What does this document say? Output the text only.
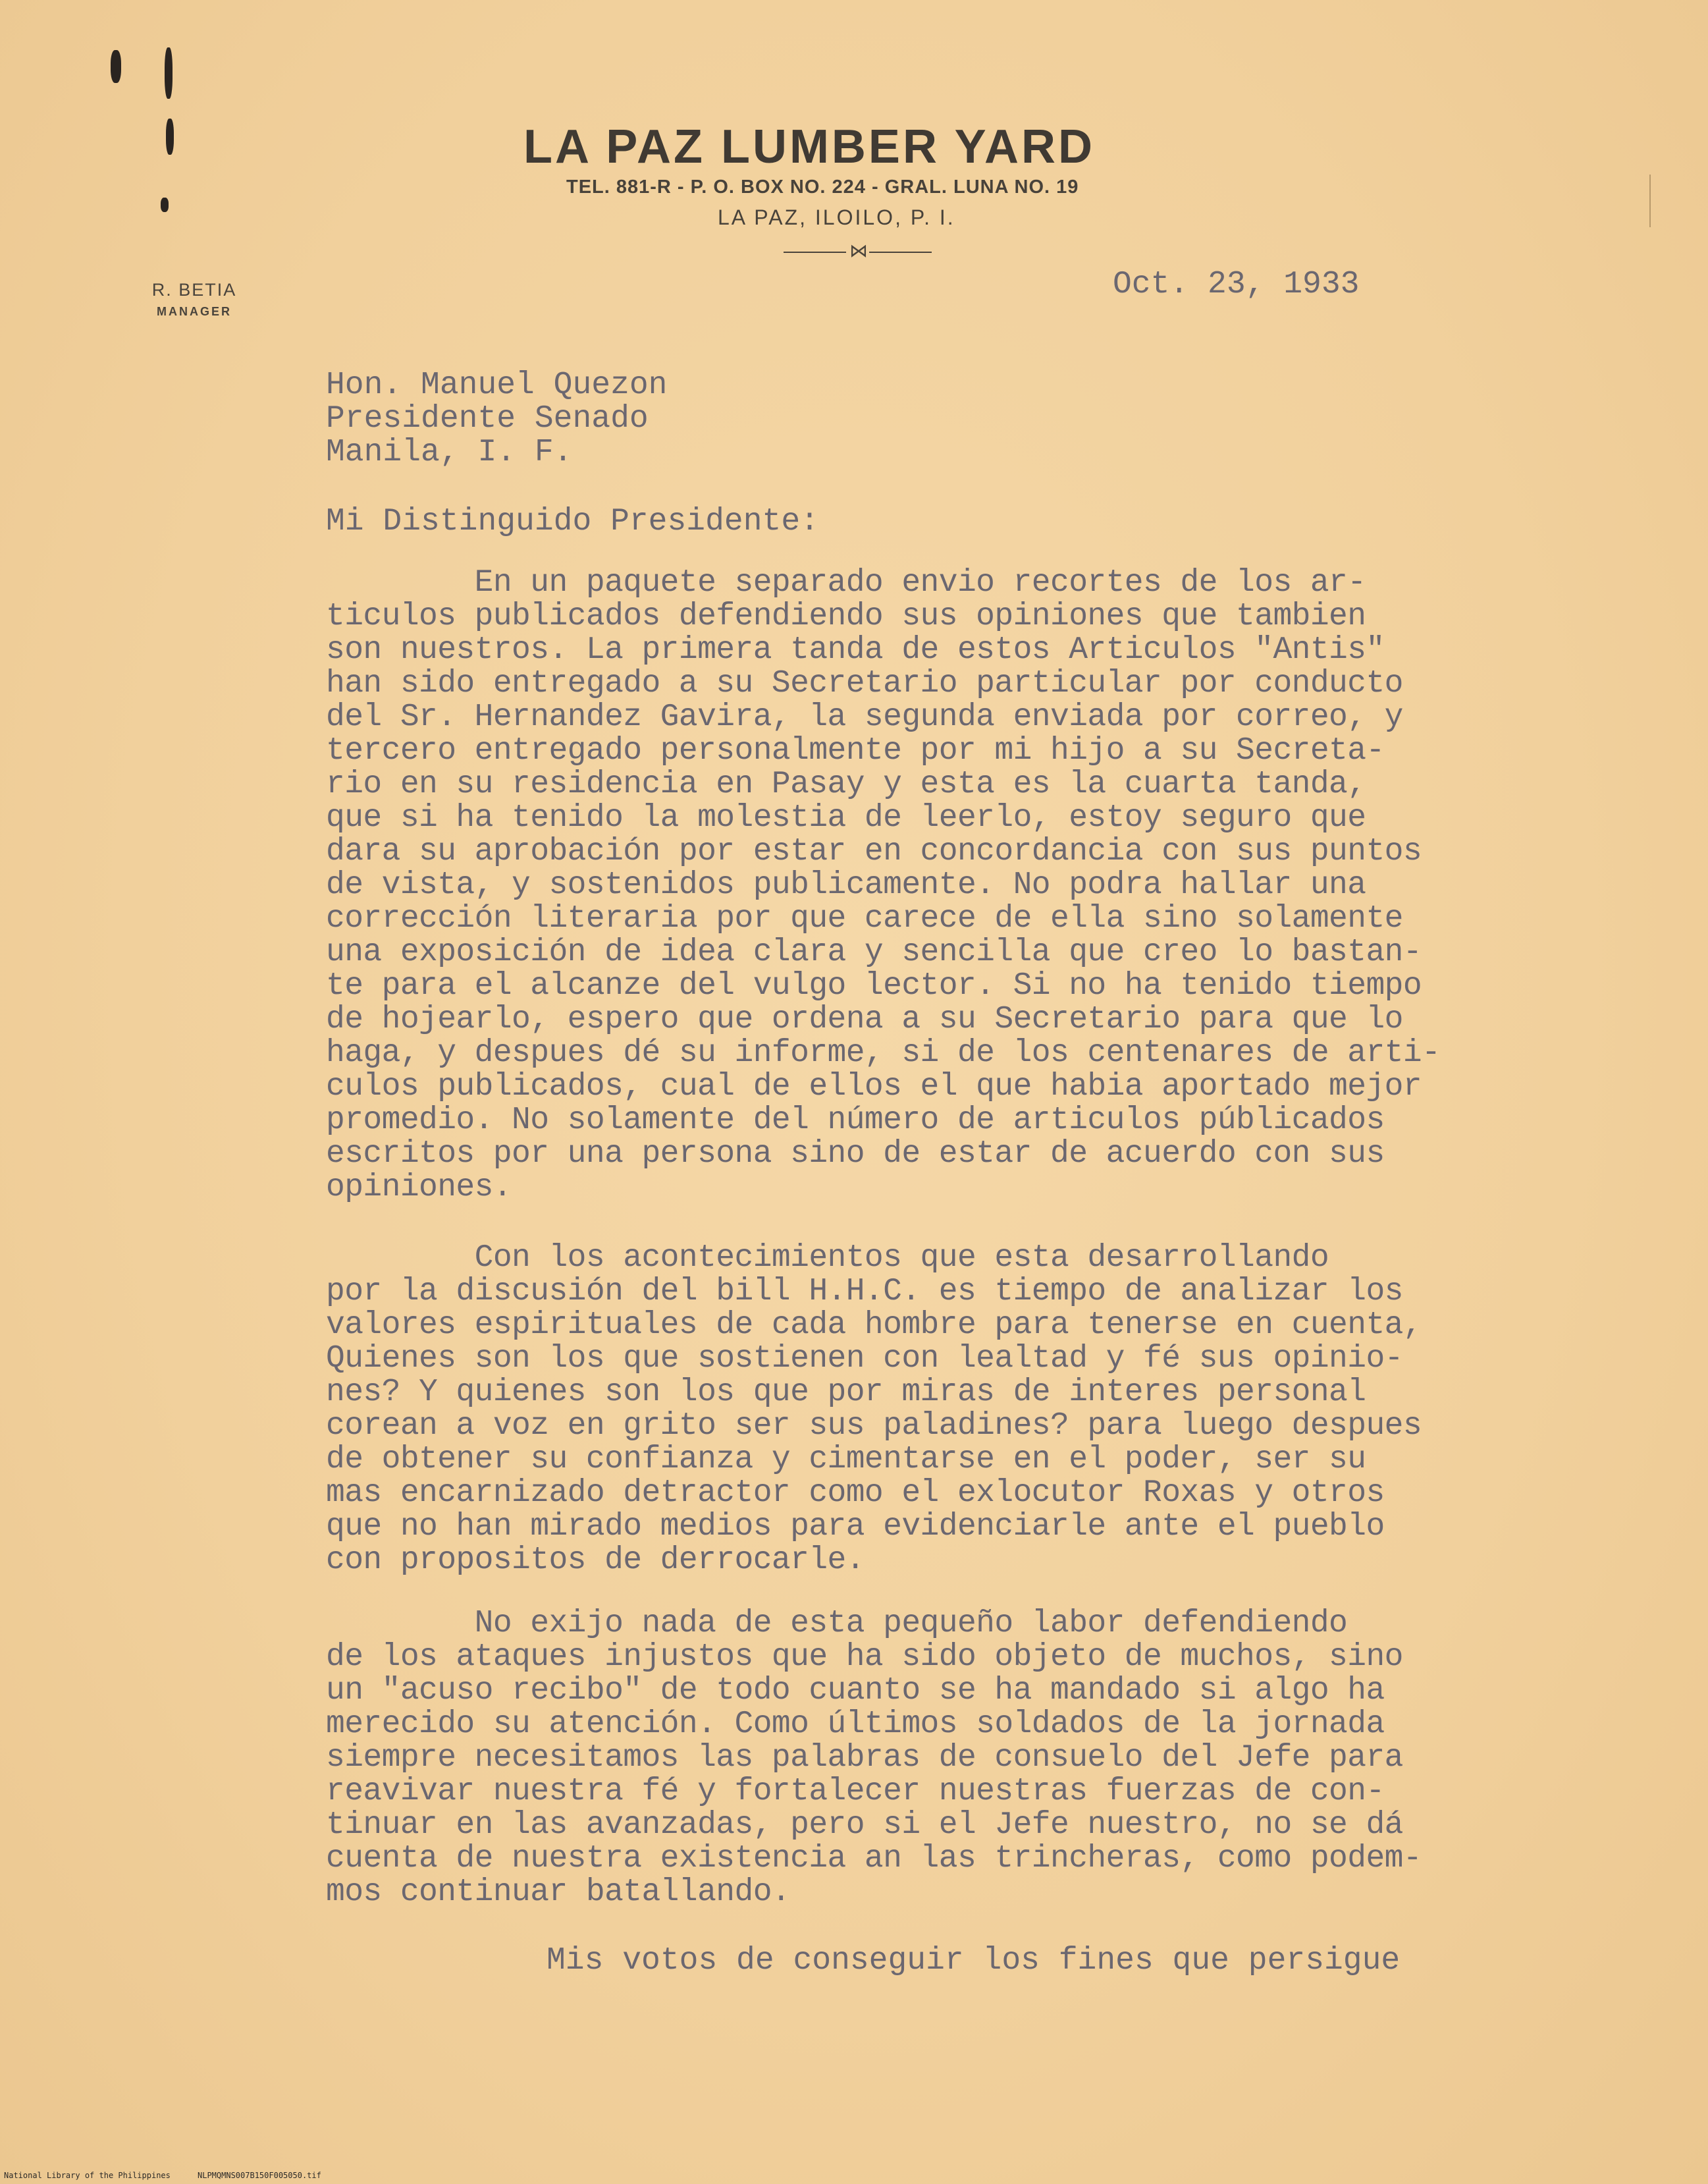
LA PAZ LUMBER YARD
TEL. 881-R - P. O. BOX NO. 224 - GRAL. LUNA NO. 19
LA PAZ, ILOILO, P. I.
⋈
R. BETIA
MANAGER
Oct. 23, 1933
Hon. Manuel Quezon
Presidente Senado
Manila, I. F.
Mi Distinguido Presidente:
En un paquete separado envio recortes de los ar-
ticulos publicados defendiendo sus opiniones que tambien
son nuestros. La primera tanda de estos Articulos "Antis"
han sido entregado a su Secretario particular por conducto
del Sr. Hernandez Gavira, la segunda enviada por correo, y
tercero entregado personalmente por mi hijo a su Secreta-
rio en su residencia en Pasay y esta es la cuarta tanda,
que si ha tenido la molestia de leerlo, estoy seguro que
dara su aprobación por estar en concordancia con sus puntos
de vista, y sostenidos publicamente. No podra hallar una
corrección literaria por que carece de ella sino solamente
una exposición de idea clara y sencilla que creo lo bastan-
te para el alcanze del vulgo lector. Si no ha tenido tiempo
de hojearlo, espero que ordena a su Secretario para que lo
haga, y despues dé su informe, si de los centenares de arti-
culos publicados, cual de ellos el que habia aportado mejor
promedio. No solamente del número de articulos públicados
escritos por una persona sino de estar de acuerdo con sus
opiniones.
Con los acontecimientos que esta desarrollando
por la discusión del bill H.H.C. es tiempo de analizar los
valores espirituales de cada hombre para tenerse en cuenta,
Quienes son los que sostienen con lealtad y fé sus opinio-
nes? Y quienes son los que por miras de interes personal
corean a voz en grito ser sus paladines? para luego despues
de obtener su confianza y cimentarse en el poder, ser su
mas encarnizado detractor como el exlocutor Roxas y otros
que no han mirado medios para evidenciarle ante el pueblo
con propositos de derrocarle.
No exijo nada de esta pequeño labor defendiendo
de los ataques injustos que ha sido objeto de muchos, sino
un "acuso recibo" de todo cuanto se ha mandado si algo ha
merecido su atención. Como últimos soldados de la jornada
siempre necesitamos las palabras de consuelo del Jefe para
reavivar nuestra fé y fortalecer nuestras fuerzas de con-
tinuar en las avanzadas, pero si el Jefe nuestro, no se dá
cuenta de nuestra existencia an las trincheras, como podem-
mos continuar batallando.
Mis votos de conseguir los fines que persigue
National Library of the Philippines	NLPMQMNS007B150F005050.tif
